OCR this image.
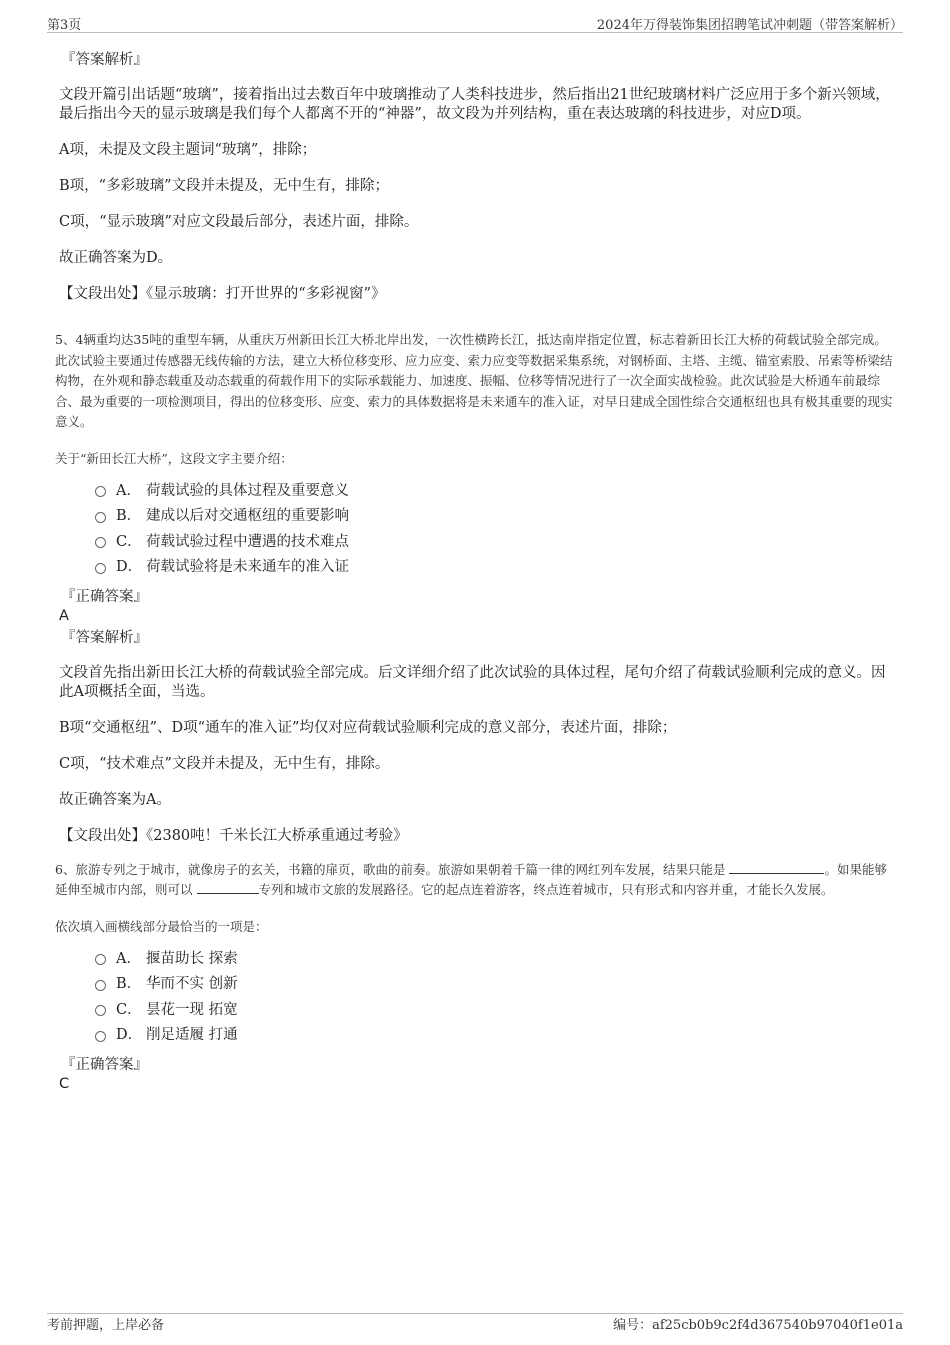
第3页	2024年万得装饰集团招聘笔试冲刺题（带答案解析）
『答案解析』
文段开篇引出话题“玻璃”，接着指出过去数百年中玻璃推动了人类科技进步，然后指出21世纪玻璃材料广泛应用于多个新兴领域，最后指出今天的显示玻璃是我们每个人都离不开的“神器”，故文段为并列结构，重在表达玻璃的科技进步，对应D项。
A项，未提及文段主题词“玻璃”，排除；
B项，“多彩玻璃”文段并未提及，无中生有，排除；
C项，“显示玻璃”对应文段最后部分，表述片面，排除。
故正确答案为D。
【文段出处】《显示玻璃：打开世界的“多彩视窗”》
5、4辆重均达35吨的重型车辆，从重庆万州新田长江大桥北岸出发，一次性横跨长江，抵达南岸指定位置，标志着新田长江大桥的荷载试验全部完成。此次试验主要通过传感器无线传输的方法，建立大桥位移变形、应力应变、索力应变等数据采集系统，对钢桥面、主塔、主缆、锚室索股、吊索等桥梁结构物，在外观和静态载重及动态载重的荷载作用下的实际承载能力、加速度、振幅、位移等情况进行了一次全面实战检验。此次试验是大桥通车前最综合、最为重要的一项检测项目，得出的位移变形、应变、索力的具体数据将是未来通车的准入证，对早日建成全国性综合交通枢纽也具有极其重要的现实意义。
关于“新田长江大桥”，这段文字主要介绍：
A． 荷载试验的具体过程及重要意义
B． 建成以后对交通枢纽的重要影响
C． 荷载试验过程中遭遇的技术难点
D． 荷载试验将是未来通车的准入证
『正确答案』
A
『答案解析』
文段首先指出新田长江大桥的荷载试验全部完成。后文详细介绍了此次试验的具体过程，尾句介绍了荷载试验顺利完成的意义。因此A项概括全面，当选。
B项“交通枢纽”、D项“通车的准入证”均仅对应荷载试验顺利完成的意义部分，表述片面，排除；
C项，“技术难点”文段并未提及，无中生有，排除。
故正确答案为A。
【文段出处】《2380吨！千米长江大桥承重通过考验》
6、旅游专列之于城市，就像房子的玄关，书籍的扉页，歌曲的前奏。旅游如果朝着千篇一律的网红列车发展，结果只能是	。如果能够延伸至城市内部，则可以	专列和城市文旅的发展路径。它的起点连着游客，终点连着城市，只有形式和内容并重，才能长久发展。
依次填入画横线部分最恰当的一项是：
A． 揠苗助长 探索
B． 华而不实 创新
C． 昙花一现 拓宽
D． 削足适履 打通
『正确答案』
C
考前押题，上岸必备	编号：af25cb0b9c2f4d367540b97040f1e01a
